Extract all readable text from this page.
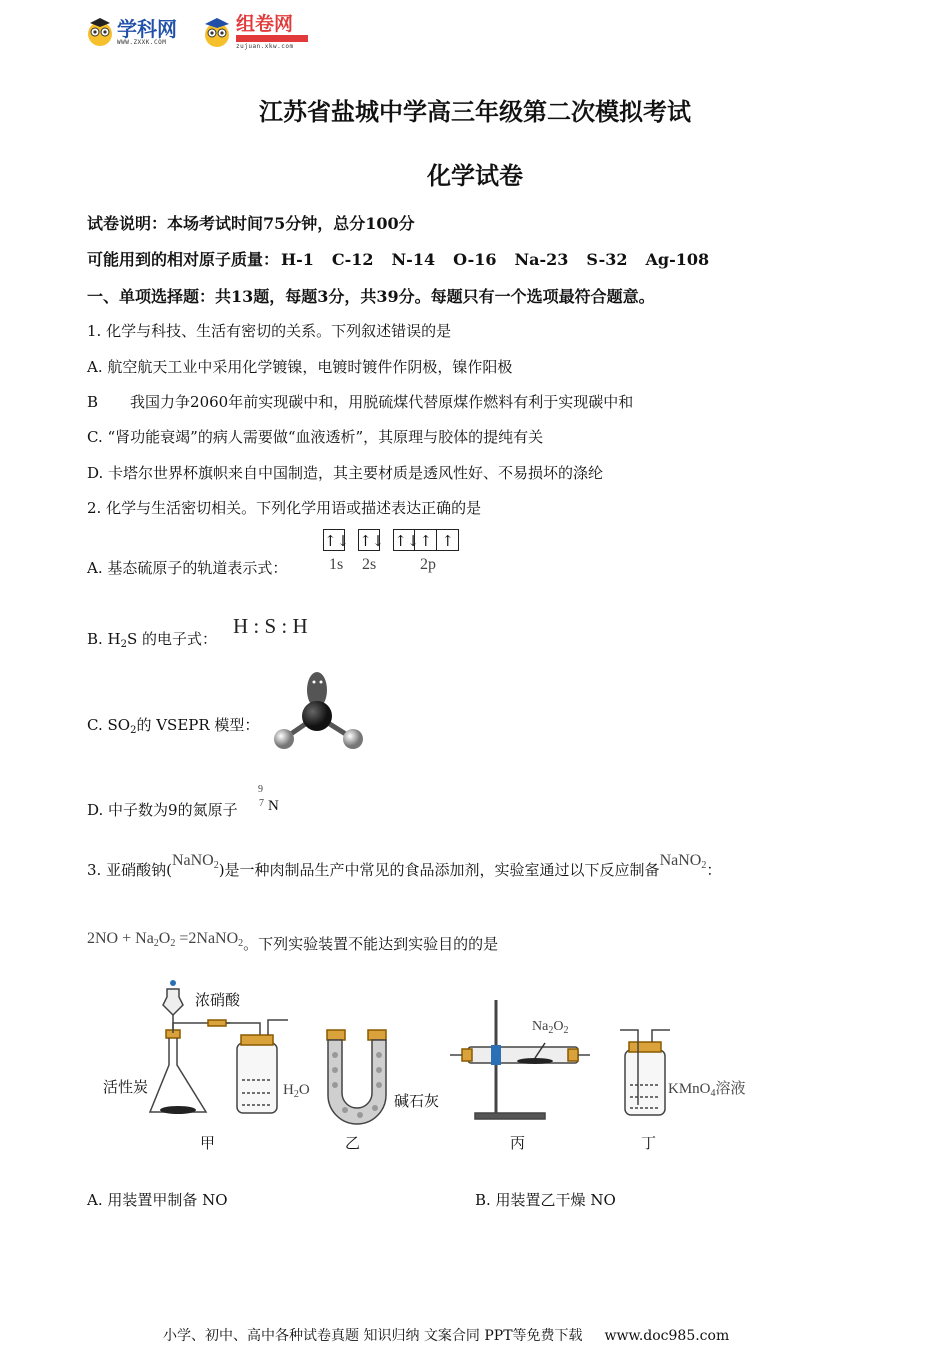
学科网
WWW.ZXXK.COM
组卷网
zujuan.xkw.com
江苏省盐城中学高三年级第二次模拟考试
化学试卷
试卷说明：本场考试时间75分钟，总分100分
可能用到的相对原子质量： H-1 C-12 N-14 O-16 Na-23 S-32 Ag-108
一、单项选择题：共13题，每题3分，共39分。每题只有一个选项最符合题意。
1. 化学与科技、生活有密切的关系。下列叙述错误的是
A. 航空航天工业中采用化学镀镍，电镀时镀件作阴极，镍作阳极
B 我国力争2060年前实现碳中和，用脱硫煤代替原煤作燃料有利于实现碳中和
C. “肾功能衰竭”的病人需要做“血液透析”，其原理与胶体的提纯有关
D. 卡塔尔世界杯旗帜来自中国制造，其主要材质是透风性好、不易损坏的涤纶
2. 化学与生活密切相关。下列化学用语或描述表达正确的是
A. 基态硫原子的轨道表示式：
↑↓ ↑↓ ↑↓↑ ↑
1s 2s	2p
B. $H_2S$ 的电子式：
H : S : H
C. $SO_2$的 VSEPR 模型：
D. 中子数为9的氮原子
9
7 N
3. 亚硝酸钠(NaNO$_2$)是一种肉制品生产中常见的食品添加剂，实验室通过以下反应制备NaNO$_2$：
$2NO + Na_2O_2$ =2NaNO$_2$。下列实验装置不能达到实验目的的是
浓硝酸
活性炭	$H_2O$
碱石灰
$Na_2O_2$
KMnO$_4$溶液
甲	乙	丙	丁
A. 用装置甲制备 NO	B. 用装置乙干燥 NO
小学、初中、高中各种试卷真题 知识归纳 文案合同 PPT等免费下载 www.doc985.com
